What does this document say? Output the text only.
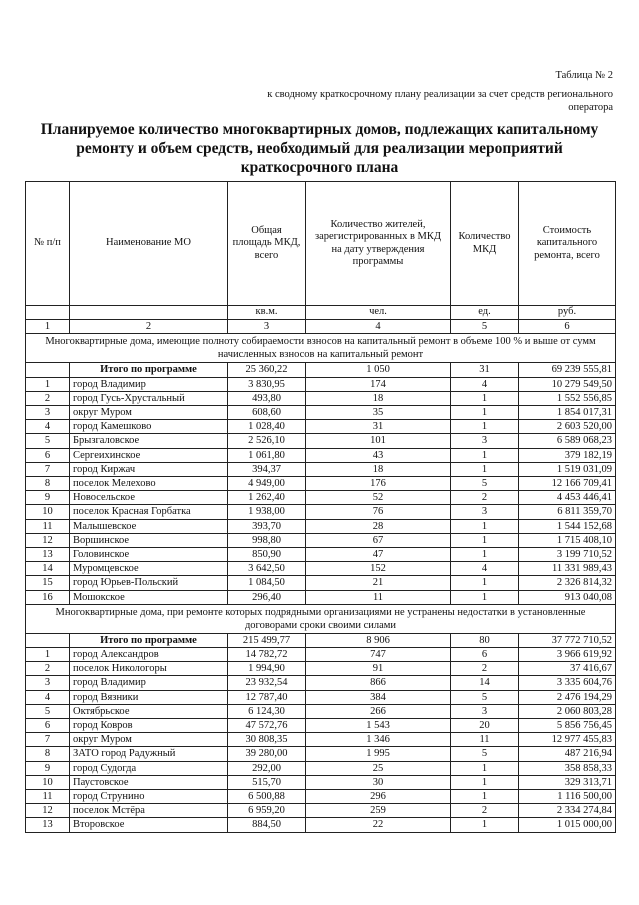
Таблица № 2
к сводному краткосрочному плану реализации за счет средств регионального оператора
Планируемое количество многоквартирных домов, подлежащих капитальному
ремонту и объем средств, необходимый для реализации мероприятий
краткосрочного плана
№ п/п	Наименование МО	Общая площадь МКД, всего	Количество жителей, зарегистрированных в МКД на дату утверждения программы	Количество МКД	Стоимость капитального ремонта, всего
		кв.м.	чел.	ед.	руб.
1	2	3	4	5	6
Многоквартирные дома, имеющие полноту собираемости взносов на капитальный ремонт в объеме 100 % и выше от сумм начисленных взносов на капитальный ремонт					
	Итого по программе	25 360,22	1 050	31	69 239 555,81
1	город Владимир	3 830,95	174	4	10 279 549,50
2	город Гусь-Хрустальный	493,80	18	1	1 552 556,85
3	округ Муром	608,60	35	1	1 854 017,31
4	город Камешково	1 028,40	31	1	2 603 520,00
5	Брызгаловское	2 526,10	101	3	6 589 068,23
6	Сергеихинское	1 061,80	43	1	379 182,19
7	город Киржач	394,37	18	1	1 519 031,09
8	поселок Мелехово	4 949,00	176	5	12 166 709,41
9	Новосельское	1 262,40	52	2	4 453 446,41
10	поселок Красная Горбатка	1 938,00	76	3	6 811 359,70
11	Малышевское	393,70	28	1	1 544 152,68
12	Воршинское	998,80	67	1	1 715 408,10
13	Головинское	850,90	47	1	3 199 710,52
14	Муромцевское	3 642,50	152	4	11 331 989,43
15	город Юрьев-Польский	1 084,50	21	1	2 326 814,32
16	Мошокское	296,40	11	1	913 040,08
Многоквартирные дома, при ремонте которых подрядными организациями не устранены недостатки в установленные договорами сроки своими силами					
	Итого по программе	215 499,77	8 906	80	37 772 710,52
1	город Александров	14 782,72	747	6	3 966 619,92
2	поселок Никологоры	1 994,90	91	2	37 416,67
3	город Владимир	23 932,54	866	14	3 335 604,76
4	город Вязники	12 787,40	384	5	2 476 194,29
5	Октябрьское	6 124,30	266	3	2 060 803,28
6	город Ковров	47 572,76	1 543	20	5 856 756,45
7	округ Муром	30 808,35	1 346	11	12 977 455,83
8	ЗАТО город Радужный	39 280,00	1 995	5	487 216,94
9	город Судогда	292,00	25	1	358 858,33
10	Паустовское	515,70	30	1	329 313,71
11	город Струнино	6 500,88	296	1	1 116 500,00
12	поселок Мстёра	6 959,20	259	2	2 334 274,84
13	Второвское	884,50	22	1	1 015 000,00
